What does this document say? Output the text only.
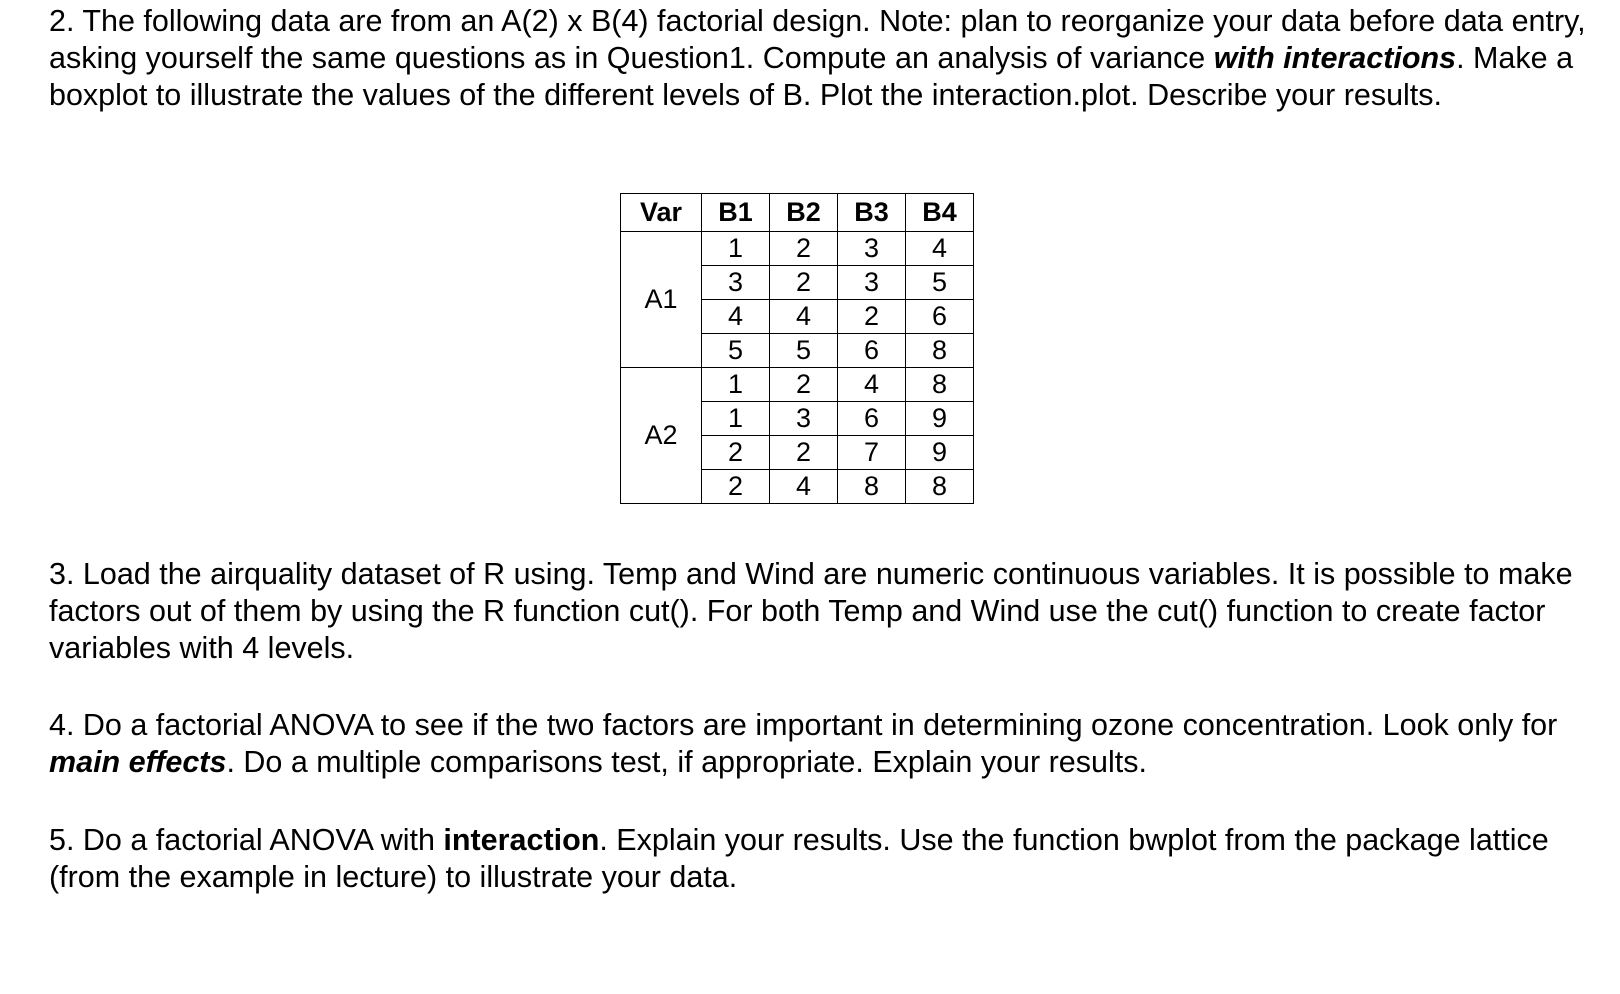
2. The following data are from an A(2) x B(4) factorial design. Note: plan to reorganize your data before data entry, asking yourself the same questions as in Question1. Compute an analysis of variance with interactions. Make a boxplot to illustrate the values of the different levels of B. Plot the interaction.plot. Describe your results.

Var	B1	B2	B3	B4
A1	1	2	3	4
	3	2	3	5
	4	4	2	6
	5	5	6	8
A2	1	2	4	8
	1	3	6	9
	2	2	7	9
	2	4	8	8

3. Load the airquality dataset of R using. Temp and Wind are numeric continuous variables. It is possible to make factors out of them by using the R function cut(). For both Temp and Wind use the cut() function to create factor variables with 4 levels.

4. Do a factorial ANOVA to see if the two factors are important in determining ozone concentration. Look only for main effects. Do a multiple comparisons test, if appropriate. Explain your results.

5. Do a factorial ANOVA with interaction. Explain your results. Use the function bwplot from the package lattice (from the example in lecture) to illustrate your data.
